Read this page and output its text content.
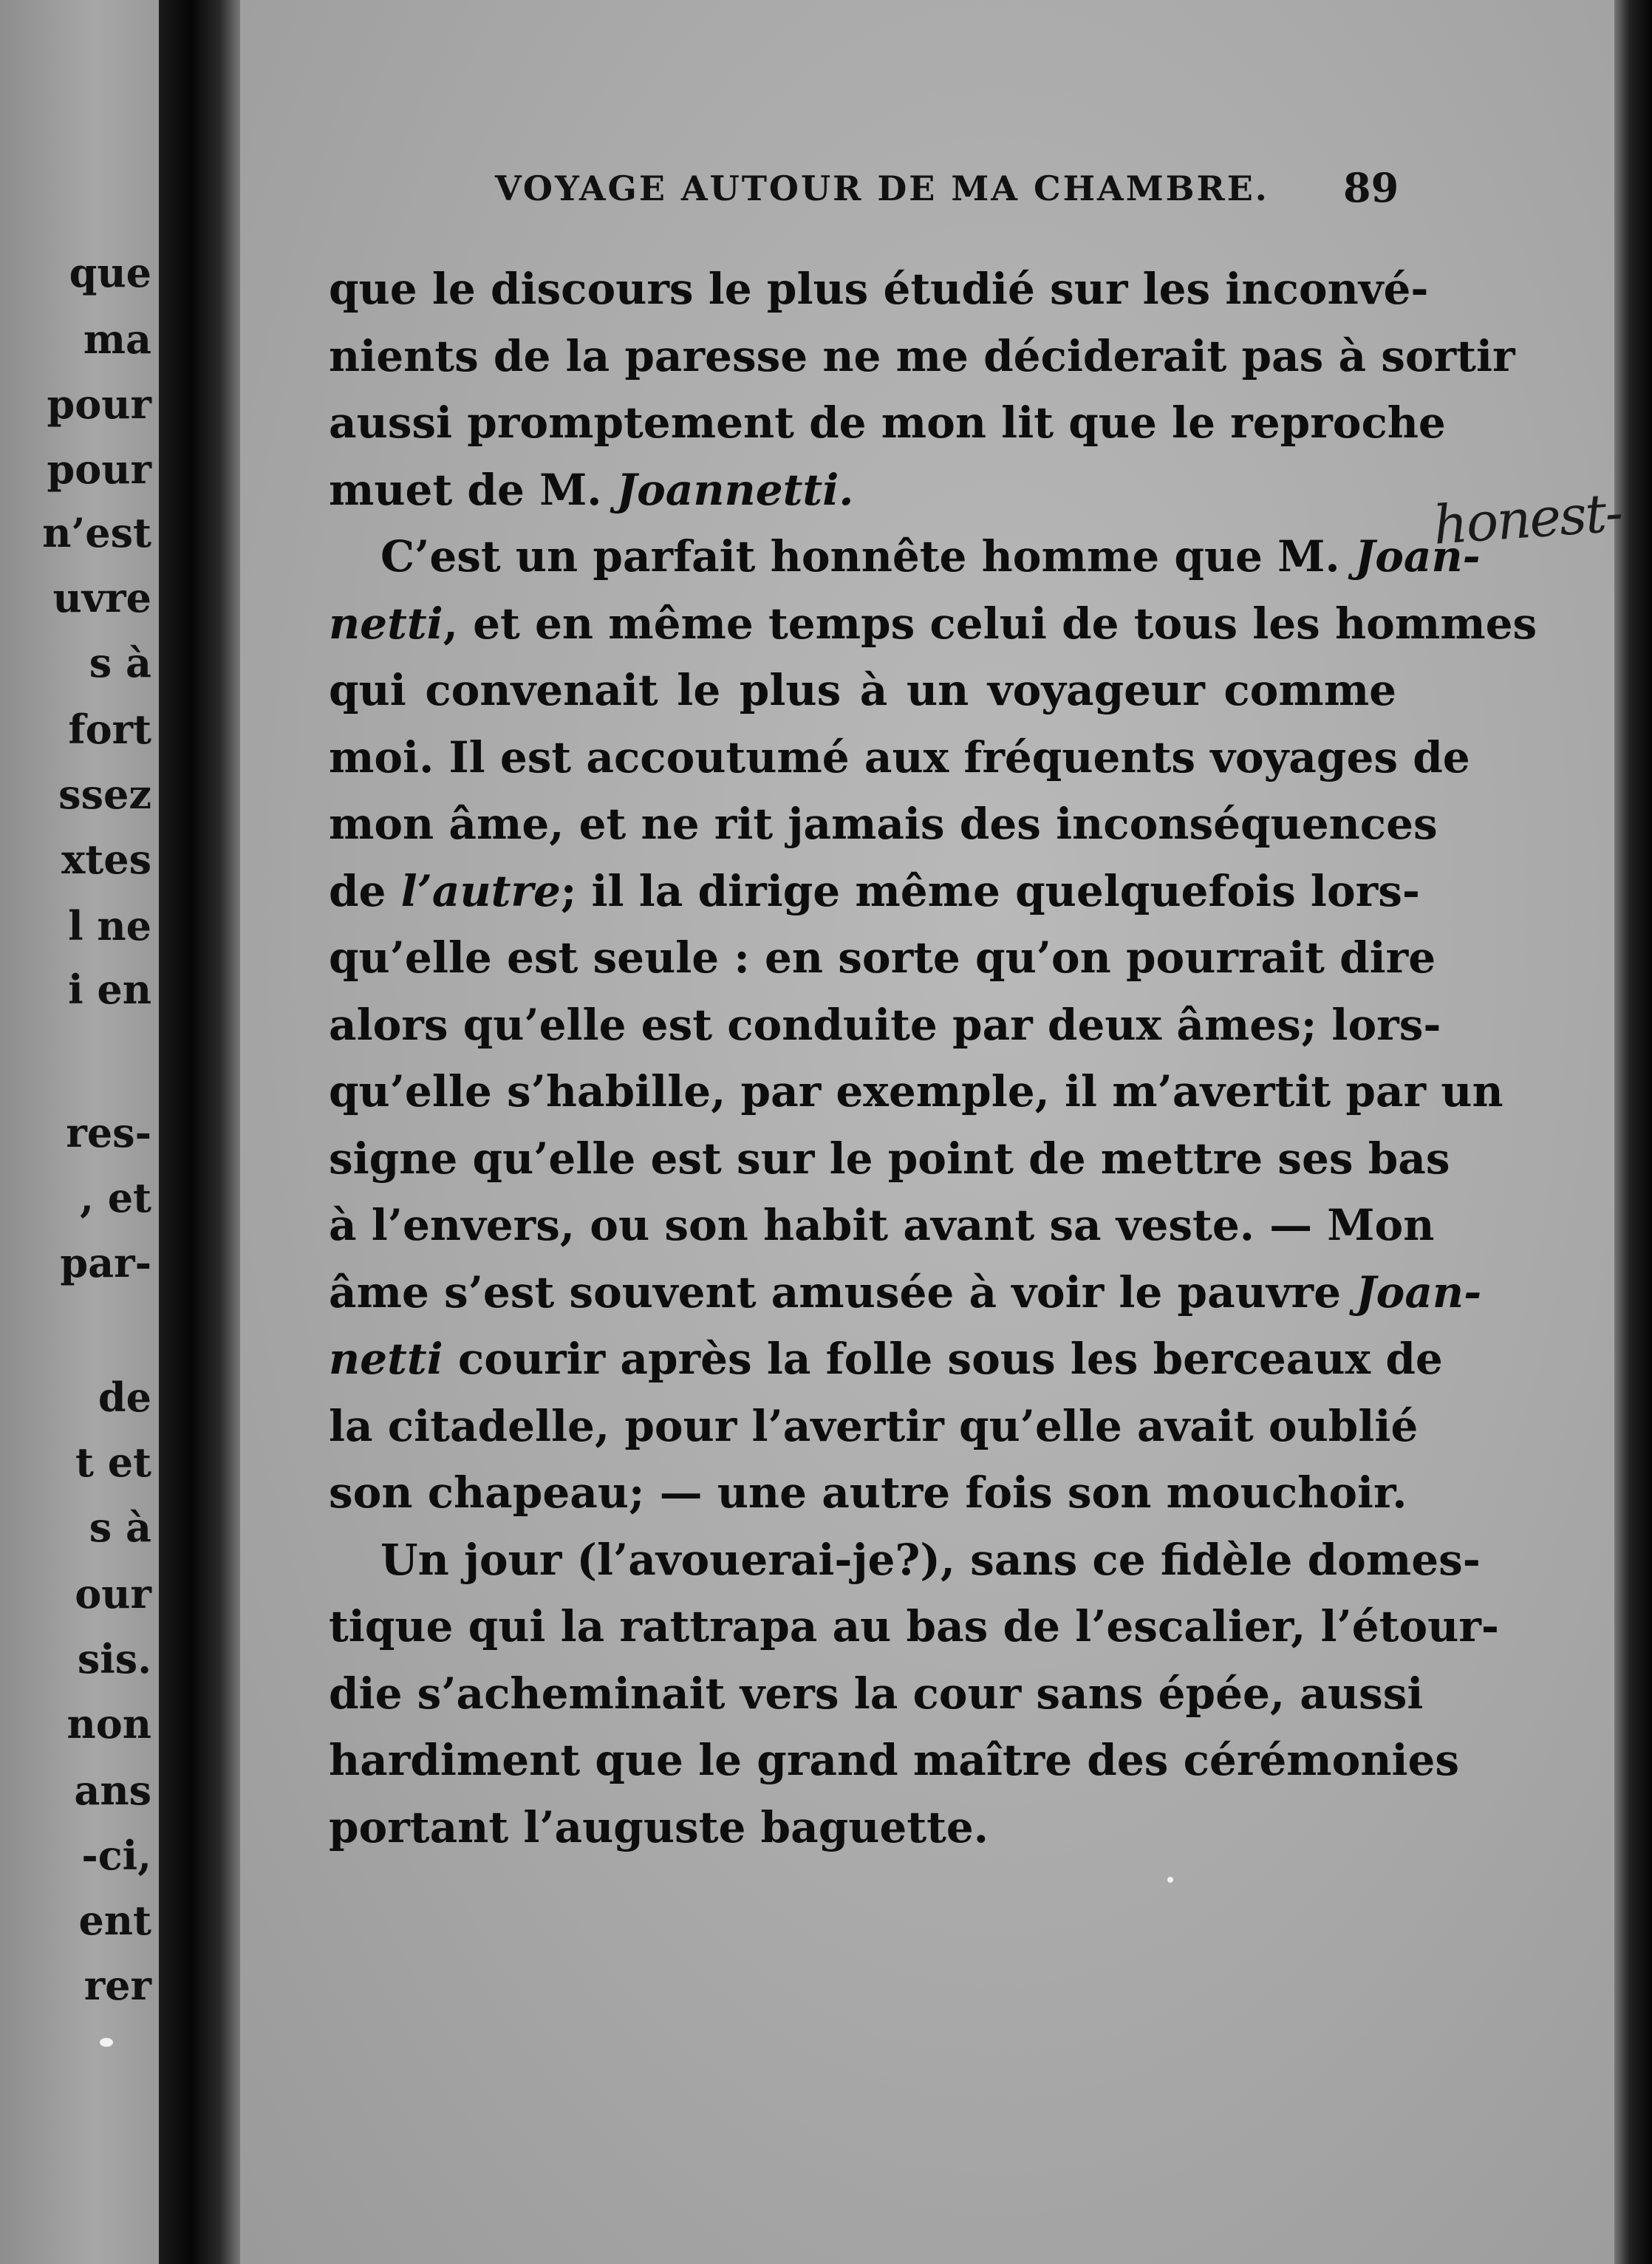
que
ma
pour
pour
n’est
uvre
s à
fort
ssez
xtes
l ne
i en
res-
, et
par-
de
t et
s à
our
sis.
non
ans
-ci,
ent
rer
VOYAGE AUTOUR DE MA CHAMBRE. 89
que le discours le plus étudié sur les inconvé-
nients de la paresse ne me déciderait pas à sortir
aussi promptement de mon lit que le reproche
muet de M. Joannetti.
C’est un parfait honnête homme que M. Joan-
netti, et en même temps celui de tous les hommes
qui convenait le plus à un voyageur comme
moi. Il est accoutumé aux fréquents voyages de
mon âme, et ne rit jamais des inconséquences
de l’autre; il la dirige même quelquefois lors-
qu’elle est seule : en sorte qu’on pourrait dire
alors qu’elle est conduite par deux âmes; lors-
qu’elle s’habille, par exemple, il m’avertit par un
signe qu’elle est sur le point de mettre ses bas
à l’envers, ou son habit avant sa veste. — Mon
âme s’est souvent amusée à voir le pauvre Joan-
netti courir après la folle sous les berceaux de
la citadelle, pour l’avertir qu’elle avait oublié
son chapeau; — une autre fois son mouchoir.
Un jour (l’avouerai-je?), sans ce fidèle domes-
tique qui la rattrapa au bas de l’escalier, l’étour-
die s’acheminait vers la cour sans épée, aussi
hardiment que le grand maître des cérémonies
portant l’auguste baguette.
honest-
